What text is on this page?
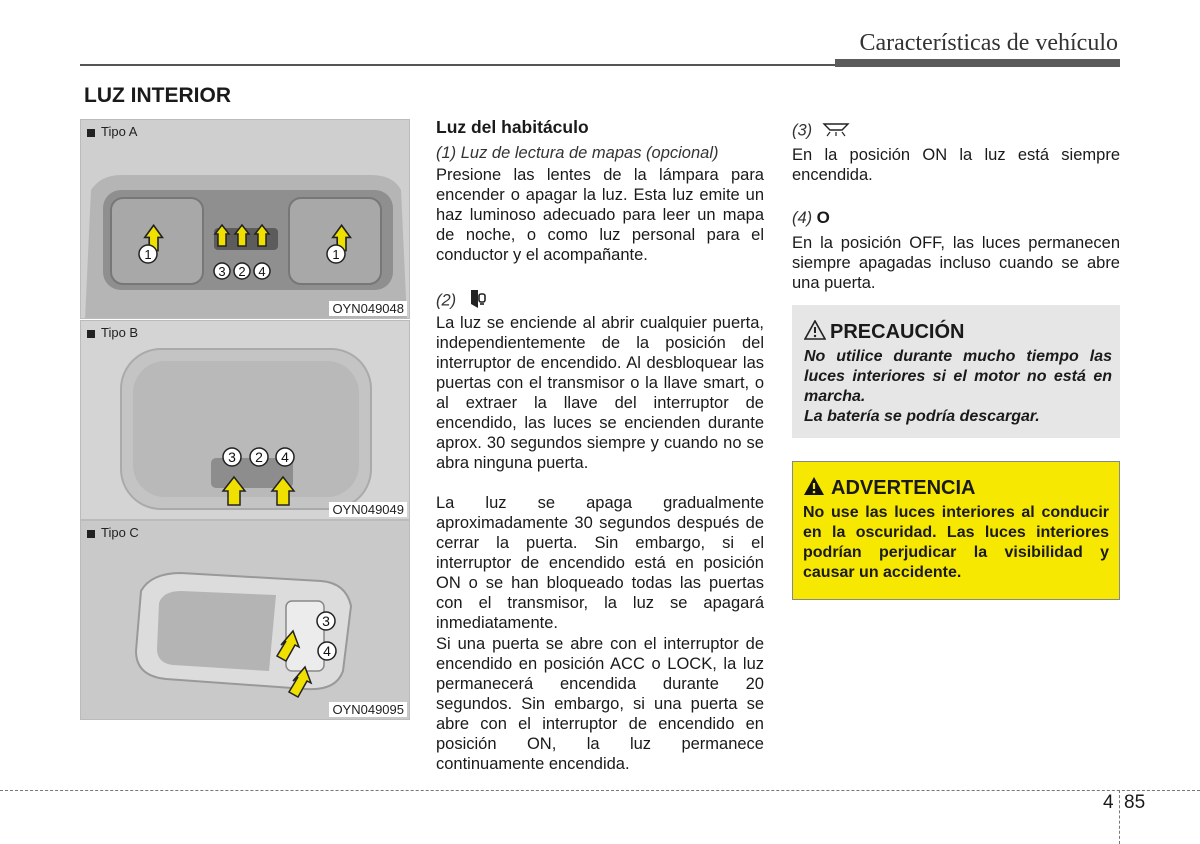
Características de vehículo
LUZ INTERIOR
1
3 2 4
1
Tipo A
OYN049048
3 2 4
Tipo B
OYN049049
3
4
Tipo C
OYN049095
Luz del habitáculo
(1) Luz de lectura de mapas (opcional)

Presione las lentes de la lámpara para encender o apagar la luz. Esta luz emite un haz luminoso adecuado para leer un mapa de noche, o como luz personal para el conductor y el acompañante.

(2)

La luz se enciende al abrir cualquier puerta, independientemente de la posición del interruptor de encendido. Al desbloquear las puertas con el transmisor o la llave smart, o al extraer la llave del interruptor de encendido, las luces se encienden durante aprox. 30 segundos siempre y cuando no se abra ninguna puerta.

La luz se apaga gradualmente aproximadamente 30 segundos después de cerrar la puerta. Sin embargo, si el interruptor de encendido está en posición ON o se han bloqueado todas las puertas con el transmisor, la luz se apagará inmediatamente.

Si una puerta se abre con el interruptor de encendido en posición ACC o LOCK, la luz permanecerá encendida durante 20 segundos. Sin embargo, si una puerta se abre con el interruptor de encendido en posición ON, la luz permanece continuamente encendida.

(3)

En la posición ON la luz está siempre encendida.

(4) O

En la posición OFF, las luces permanecen siempre apagadas incluso cuando se abre una puerta.

PRECAUCIÓN
No utilice durante mucho tiempo las luces interiores si el motor no está en marcha.
La batería se podría descargar.
ADVERTENCIA
No use las luces interiores al conducir en la oscuridad. Las luces interiores podrían perjudicar la visibilidad y causar un accidente.
4 85
